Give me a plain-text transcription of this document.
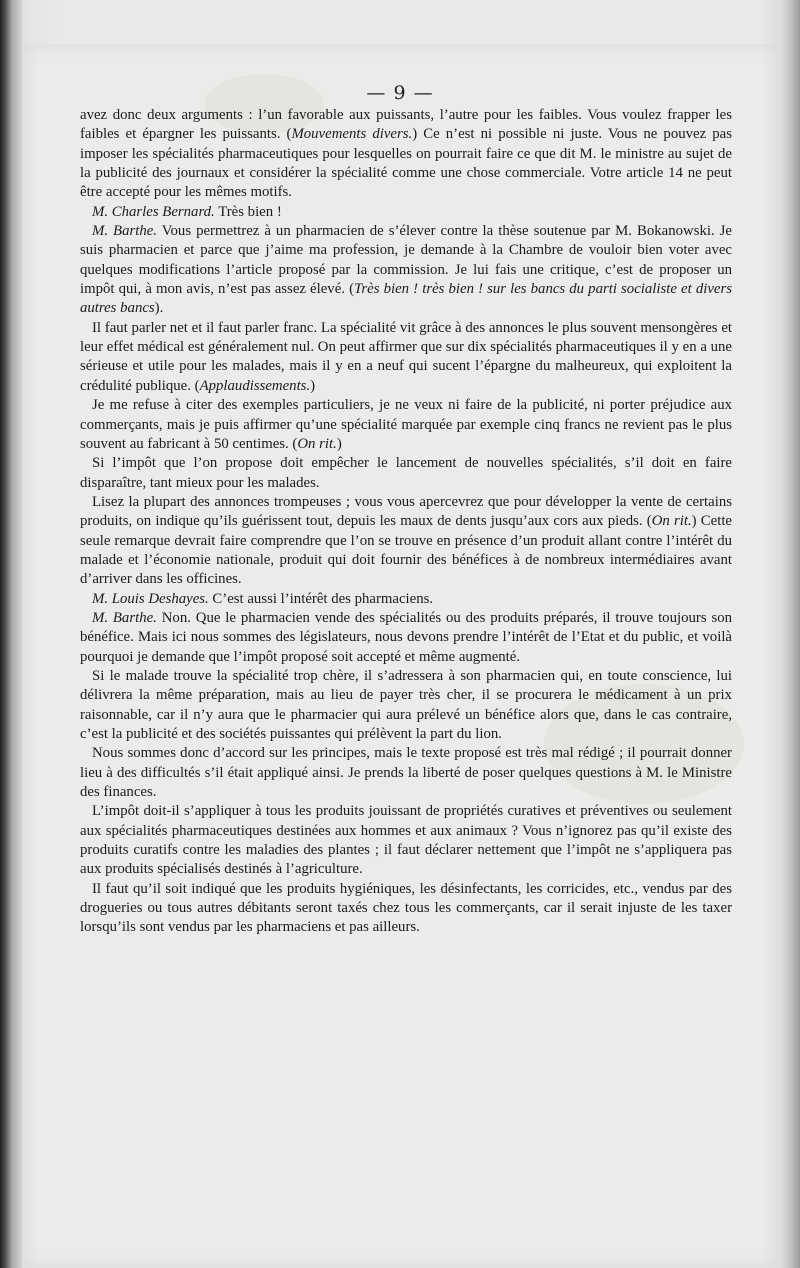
— 9 —

avez donc deux arguments : l’un favorable aux puissants, l’autre pour les faibles. Vous voulez frapper les faibles et épargner les puissants. (Mouvements divers.) Ce n’est ni possible ni juste. Vous ne pouvez pas imposer les spécialités pharmaceutiques pour lesquelles on pourrait faire ce que dit M. le ministre au sujet de la publicité des journaux et considérer la spécialité comme une chose commerciale. Votre article 14 ne peut être accepté pour les mêmes motifs.

M. Charles Bernard. Très bien !

M. Barthe. Vous permettrez à un pharmacien de s’élever contre la thèse soutenue par M. Bokanowski. Je suis pharmacien et parce que j’aime ma profession, je demande à la Chambre de vouloir bien voter avec quelques modifications l’article proposé par la commission. Je lui fais une critique, c’est de proposer un impôt qui, à mon avis, n’est pas assez élevé. (Très bien ! très bien ! sur les bancs du parti socialiste et divers autres bancs).

Il faut parler net et il faut parler franc. La spécialité vit grâce à des annonces le plus souvent mensongères et leur effet médical est généralement nul. On peut affirmer que sur dix spécialités pharmaceutiques il y en a une sérieuse et utile pour les malades, mais il y en a neuf qui sucent l’épargne du malheureux, qui exploitent la crédulité publique. (Applaudissements.)

Je me refuse à citer des exemples particuliers, je ne veux ni faire de la publicité, ni porter préjudice aux commerçants, mais je puis affirmer qu’une spécialité marquée par exemple cinq francs ne revient pas le plus souvent au fabricant à 50 centimes. (On rit.)

Si l’impôt que l’on propose doit empêcher le lancement de nouvelles spécialités, s’il doit en faire disparaître, tant mieux pour les malades.

Lisez la plupart des annonces trompeuses ; vous vous apercevrez que pour développer la vente de certains produits, on indique qu’ils guérissent tout, depuis les maux de dents jusqu’aux cors aux pieds. (On rit.) Cette seule remarque devrait faire comprendre que l’on se trouve en présence d’un produit allant contre l’intérêt du malade et l’économie nationale, produit qui doit fournir des bénéfices à de nombreux intermédiaires avant d’arriver dans les officines.

M. Louis Deshayes. C’est aussi l’intérêt des pharmaciens.

M. Barthe. Non. Que le pharmacien vende des spécialités ou des produits préparés, il trouve toujours son bénéfice. Mais ici nous sommes des législateurs, nous devons prendre l’intérêt de l’Etat et du public, et voilà pourquoi je demande que l’impôt proposé soit accepté et même augmenté.

Si le malade trouve la spécialité trop chère, il s’adressera à son pharmacien qui, en toute conscience, lui délivrera la même préparation, mais au lieu de payer très cher, il se procurera le médicament à un prix raisonnable, car il n’y aura que le pharmacier qui aura prélevé un bénéfice alors que, dans le cas contraire, c’est la publicité et des sociétés puissantes qui prélèvent la part du lion.

Nous sommes donc d’accord sur les principes, mais le texte proposé est très mal rédigé ; il pourrait donner lieu à des difficultés s’il était appliqué ainsi. Je prends la liberté de poser quelques questions à M. le Ministre des finances.

L’impôt doit-il s’appliquer à tous les produits jouissant de propriétés curatives et préventives ou seulement aux spécialités pharmaceutiques destinées aux hommes et aux animaux ? Vous n’ignorez pas qu’il existe des produits curatifs contre les maladies des plantes ; il faut déclarer nettement que l’impôt ne s’appliquera pas aux produits spécialisés destinés à l’agriculture.

Il faut qu’il soit indiqué que les produits hygiéniques, les désinfectants, les corricides, etc., vendus par des drogueries ou tous autres débitants seront taxés chez tous les commerçants, car il serait injuste de les taxer lorsqu’ils sont vendus par les pharmaciens et pas ailleurs.
